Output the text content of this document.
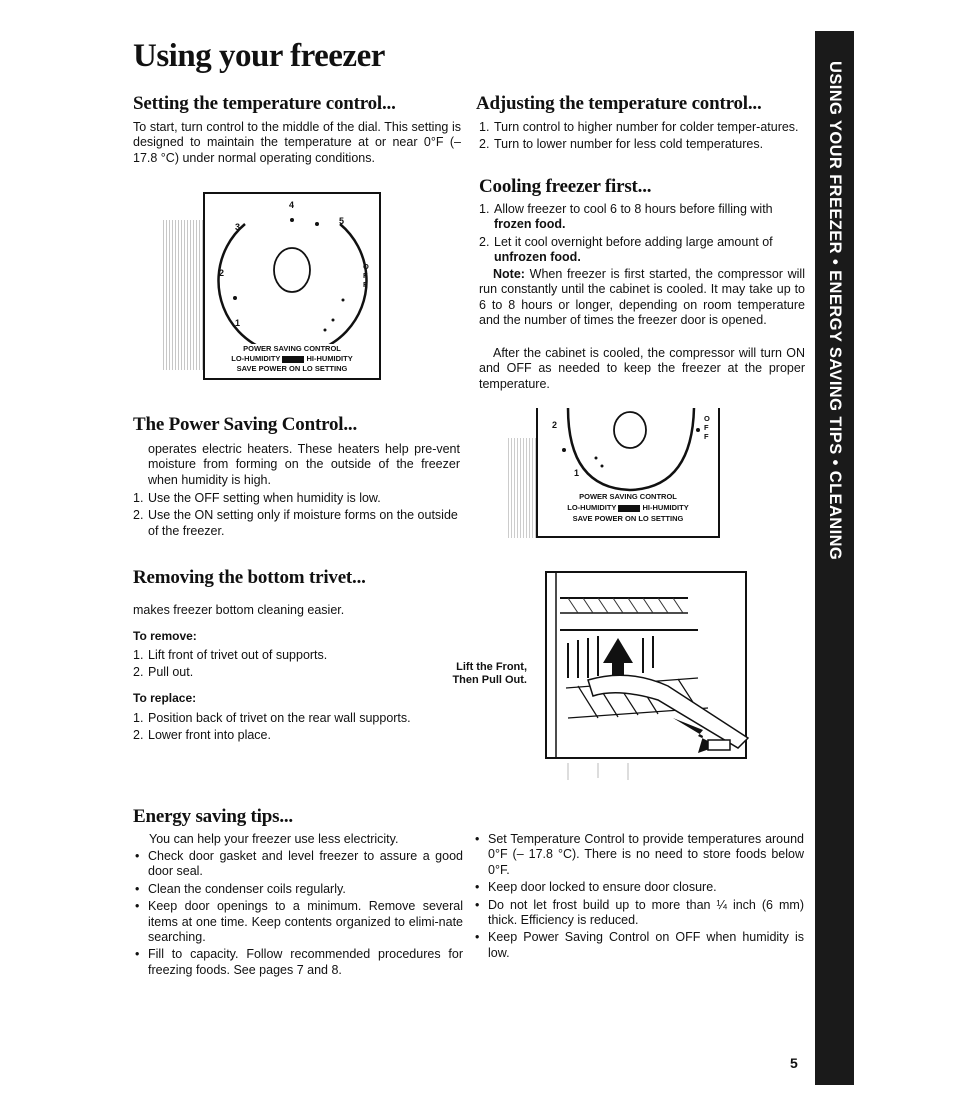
Using your freezer
USING YOUR FREEZER • ENERGY SAVING TIPS • CLEANING
Setting the temperature control...
To start, turn control to the middle of the dial. This setting is designed to maintain the temperature at or near 0°F (– 17.8 °C) under normal operating conditions.
4
3
5
2
1
OFF
POWER SAVING CONTROL
LO-HUMIDITY	HI-HUMIDITY
SAVE POWER ON LO SETTING
Adjusting the temperature control...
1. Turn control to higher number for colder temper-atures.
2. Turn to lower number for less cold temperatures.
Cooling freezer first...
1. Allow freezer to cool 6 to 8 hours before filling with frozen food.
2. Let it cool overnight before adding large amount of unfrozen food.
Note: When freezer is first started, the compressor will run constantly until the cabinet is cooled. It may take up to 6 to 8 hours or longer, depending on room temperature and the number of times the freezer door is opened.
After the cabinet is cooled, the compressor will turn ON and OFF as needed to keep the freezer at the proper temperature.
The Power Saving Control...
operates electric heaters. These heaters help pre-vent moisture from forming on the outside of the freezer when humidity is high.
1. Use the OFF setting when humidity is low.
2. Use the ON setting only if moisture forms on the outside of the freezer.
2
1
OFF
POWER SAVING CONTROL
LO-HUMIDITY	HI-HUMIDITY
SAVE POWER ON LO SETTING
Removing the bottom trivet...
makes freezer bottom cleaning easier.
To remove:
1. Lift front of trivet out of supports.
2. Pull out.
To replace:
1. Position back of trivet on the rear wall supports.
2. Lower front into place.
Lift the Front,
Then Pull Out.
Energy saving tips...
You can help your freezer use less electricity.
• Check door gasket and level freezer to assure a good door seal.
• Clean the condenser coils regularly.
• Keep door openings to a minimum. Remove several items at one time. Keep contents organized to elimi-nate searching.
• Fill to capacity. Follow recommended procedures for freezing foods. See pages 7 and 8.
• Set Temperature Control to provide temperatures around 0°F (– 17.8 °C). There is no need to store foods below 0°F.
• Keep door locked to ensure door closure.
• Do not let frost build up to more than ¼ inch (6 mm) thick. Efficiency is reduced.
• Keep Power Saving Control on OFF when humidity is low.
5
